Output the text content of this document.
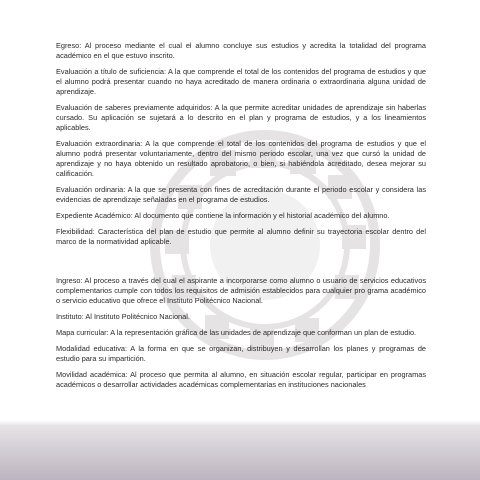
Egreso: Al proceso mediante el cual el alumno concluye sus estudios y acredita la totalidad del programa académico en el que estuvo inscrito.

Evaluación a título de suficiencia: A la que comprende el total de los contenidos del programa de estudios y que el alumno podrá presentar cuando no haya acreditado de manera ordinaria o extraordinaria alguna unidad de aprendizaje.

Evaluación de saberes previamente adquiridos: A la que permite acreditar unidades de aprendizaje sin haberlas cursado. Su aplicación se sujetará a lo descrito en el plan y programa de estudios, y a los lineamientos aplicables.

Evaluación extraordinaria: A la que comprende el total de los contenidos del programa de estudios y que el alumno podrá presentar voluntariamente, dentro del mismo periodo escolar, una vez que cursó la unidad de aprendizaje y no haya obtenido un resultado aprobatorio, o bien, si habiéndola acreditado, desea mejorar su calificación.

Evaluación ordinaria: A la que se presenta con fines de acreditación durante el periodo escolar y considera las evidencias de aprendizaje señaladas en el programa de estudios.

Expediente Académico: Al documento que contiene la información y el historial académico del alumno.

Flexibilidad: Característica del plan de estudio que permite al alumno definir su trayectoria escolar dentro del marco de la normatividad aplicable.

Ingreso: Al proceso a través del cual el aspirante a incorporarse como alumno o usuario de servicios educativos complementarios cumple con todos los requisitos de admisión establecidos para cualquier pro grama académico o servicio educativo que ofrece el Instituto Politécnico Nacional.

Instituto: Al Instituto Politécnico Nacional.

Mapa curricular: A la representación gráfica de las unidades de aprendizaje que conforman un plan de estudio.

Modalidad educativa: A la forma en que se organizan, distribuyen y desarrollan los planes y programas de estudio para su impartición.

Movilidad académica: Al proceso que permita al alumno, en situación escolar regular, participar en programas académicos o desarrollar actividades académicas complementarias en instituciones nacionales
